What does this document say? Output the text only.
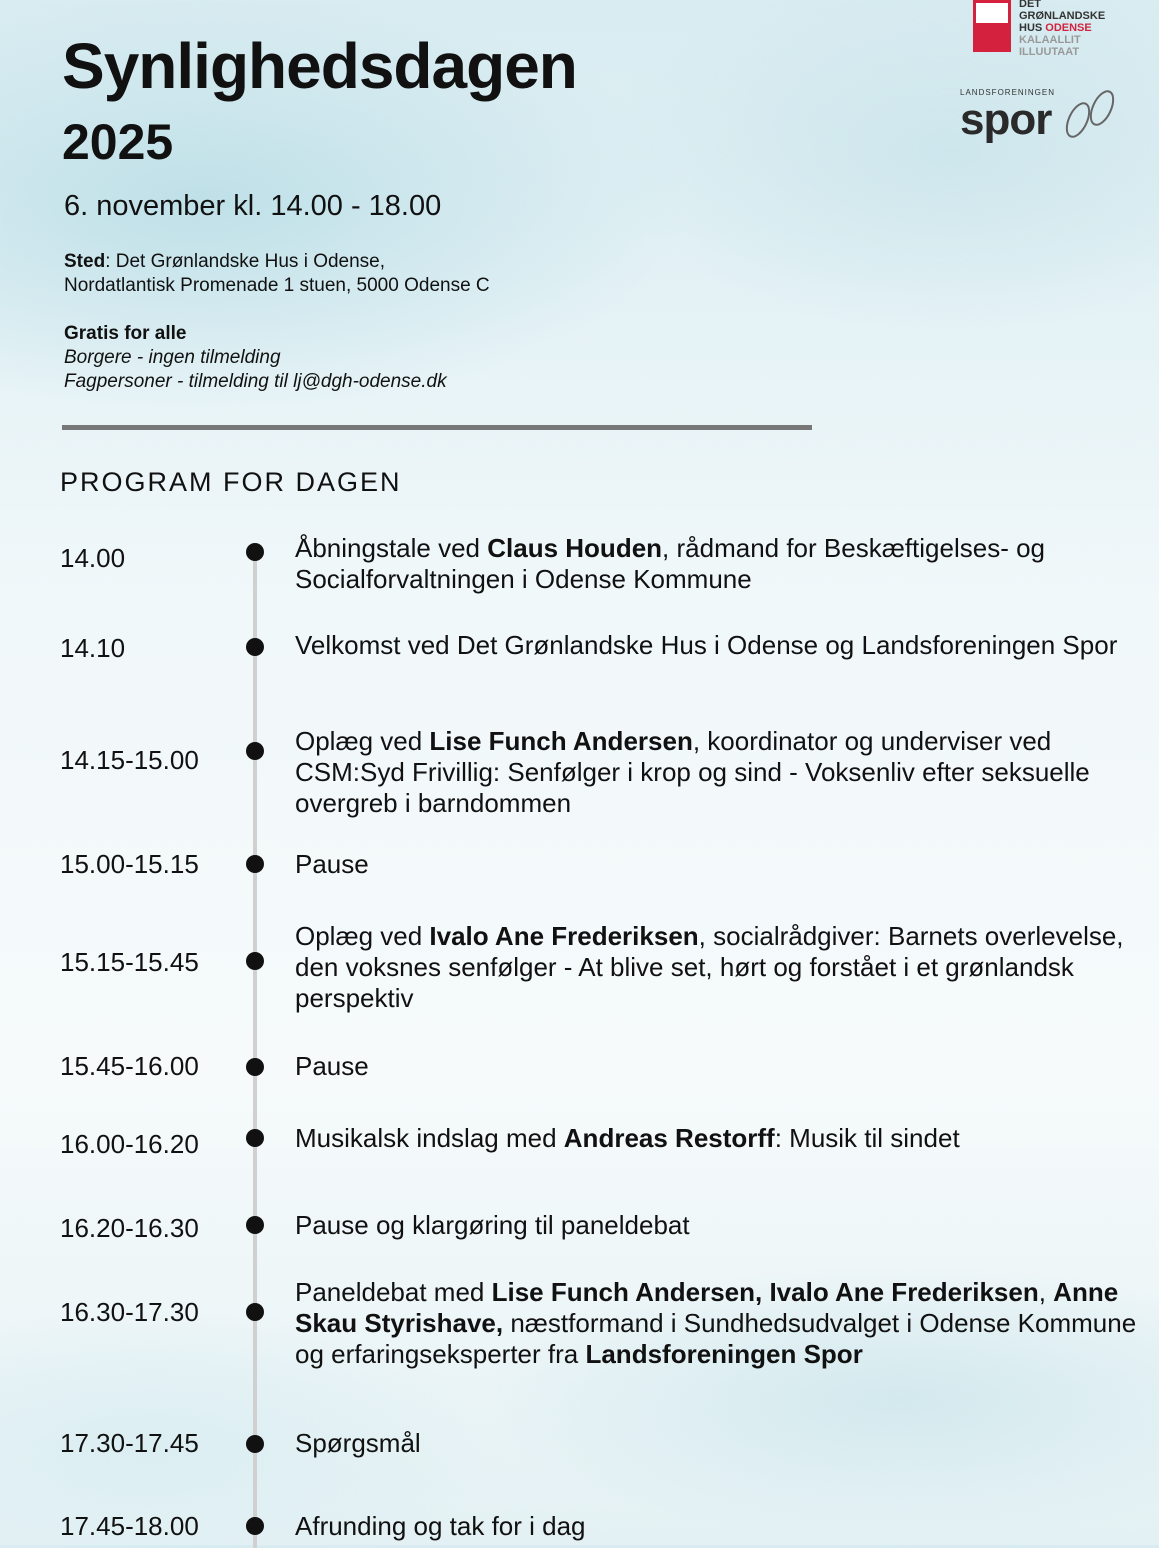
DET
GRØNLANDSKE
HUS ODENSE
KALAALLIT
ILLUUTAAT
LANDSFORENINGEN
spor
Synlighedsdagen
2025
6. november kl. 14.00 - 18.00
Sted: Det Grønlandske Hus i Odense,
Nordatlantisk Promenade 1 stuen, 5000 Odense C
Gratis for alle
Borgere - ingen tilmelding
Fagpersoner - tilmelding til lj@dgh-odense.dk
PROGRAM FOR DAGEN
Åbningstale ved Claus Houden, rådmand for Beskæftigelses- og Socialforvaltningen i Odense Kommune
14.00
Velkomst ved Det Grønlandske Hus i Odense og Landsforeningen Spor
14.10
Oplæg ved Lise Funch Andersen, koordinator og underviser ved CSM:Syd Frivillig: Senfølger i krop og sind - Voksenliv efter seksuelle overgreb i barndommen
14.15-15.00
Pause
15.00-15.15
Oplæg ved Ivalo Ane Frederiksen, socialrådgiver: Barnets overlevelse, den voksnes senfølger - At blive set, hørt og forstået i et grønlandsk perspektiv
15.15-15.45
Pause
15.45-16.00
Musikalsk indslag med Andreas Restorff: Musik til sindet
16.00-16.20
Pause og klargøring til paneldebat
16.20-16.30
Paneldebat med Lise Funch Andersen, Ivalo Ane Frederiksen, Anne Skau Styrishave, næstformand i Sundhedsudvalget i Odense Kommune og erfaringseksperter fra Landsforeningen Spor
16.30-17.30
Spørgsmål
17.30-17.45
Afrunding og tak for i dag
17.45-18.00
